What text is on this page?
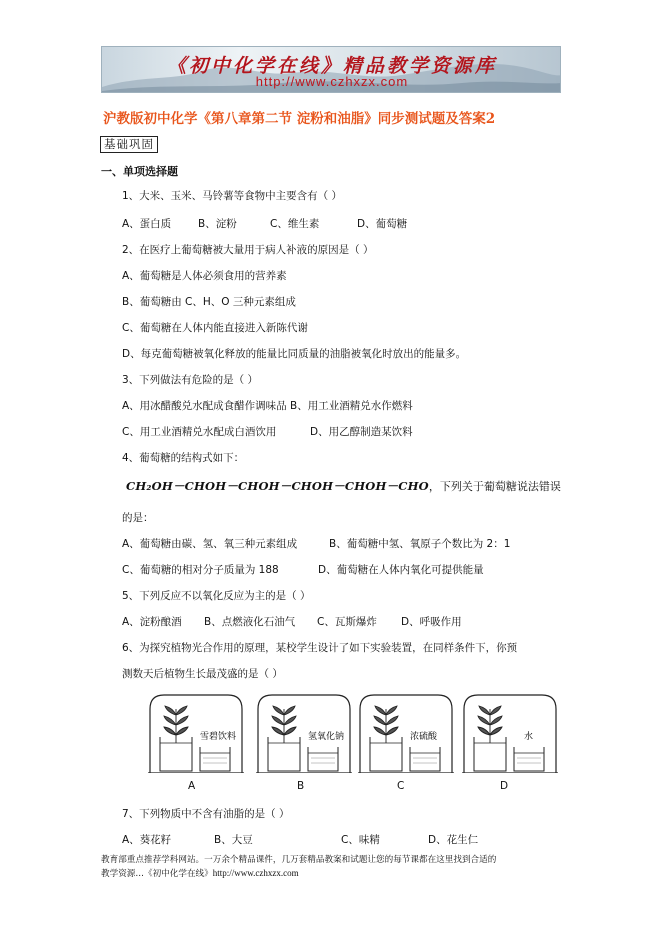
《初中化学在线》精品教学资源库
http://www.czhxzx.com
沪教版初中化学《第八章第二节 淀粉和油脂》同步测试题及答案2
基础巩固
一、单项选择题
1、大米、玉米、马铃薯等食物中主要含有（ ）
A、蛋白质	B、淀粉	C、维生素	D、葡萄糖
2、在医疗上葡萄糖被大量用于病人补液的原因是（ ）
A、葡萄糖是人体必须食用的营养素
B、葡萄糖由 C、H、O 三种元素组成
C、葡萄糖在人体内能直接进入新陈代谢
D、每克葡萄糖被氧化释放的能量比同质量的油脂被氧化时放出的能量多。
3、下列做法有危险的是（ ）
A、用冰醋酸兑水配成食醋作调味品 B、用工业酒精兑水作燃料
C、用工业酒精兑水配成白酒饮用	D、用乙醇制造某饮料
4、葡萄糖的结构式如下：
CH₂OH－CHOH－CHOH－CHOH－CHOH－CHO，下列关于葡萄糖说法错误
的是：
A、葡萄糖由碳、氢、氧三种元素组成	B、葡萄糖中氢、氧原子个数比为 2：1
C、葡萄糖的相对分子质量为 188	D、葡萄糖在人体内氧化可提供能量
5、下列反应不以氧化反应为主的是（ ）
A、淀粉酿酒 B、点燃液化石油气 C、瓦斯爆炸 D、呼吸作用
6、为探究植物光合作用的原理，某校学生设计了如下实验装置，在同样条件下，你预
测数天后植物生长最茂盛的是（ ）
雪碧饮料	氢氧化钠	浓硫酸	水
A	B	C	D
7、下列物质中不含有油脂的是（ ）
A、葵花籽	B、大豆	C、味精	D、花生仁
教育部重点推荐学科网站。一万余个精品课件，几万套精品教案和试题让您的每节课都在这里找到合适的
教学资源…《初中化学在线》http://www.czhxzx.com
